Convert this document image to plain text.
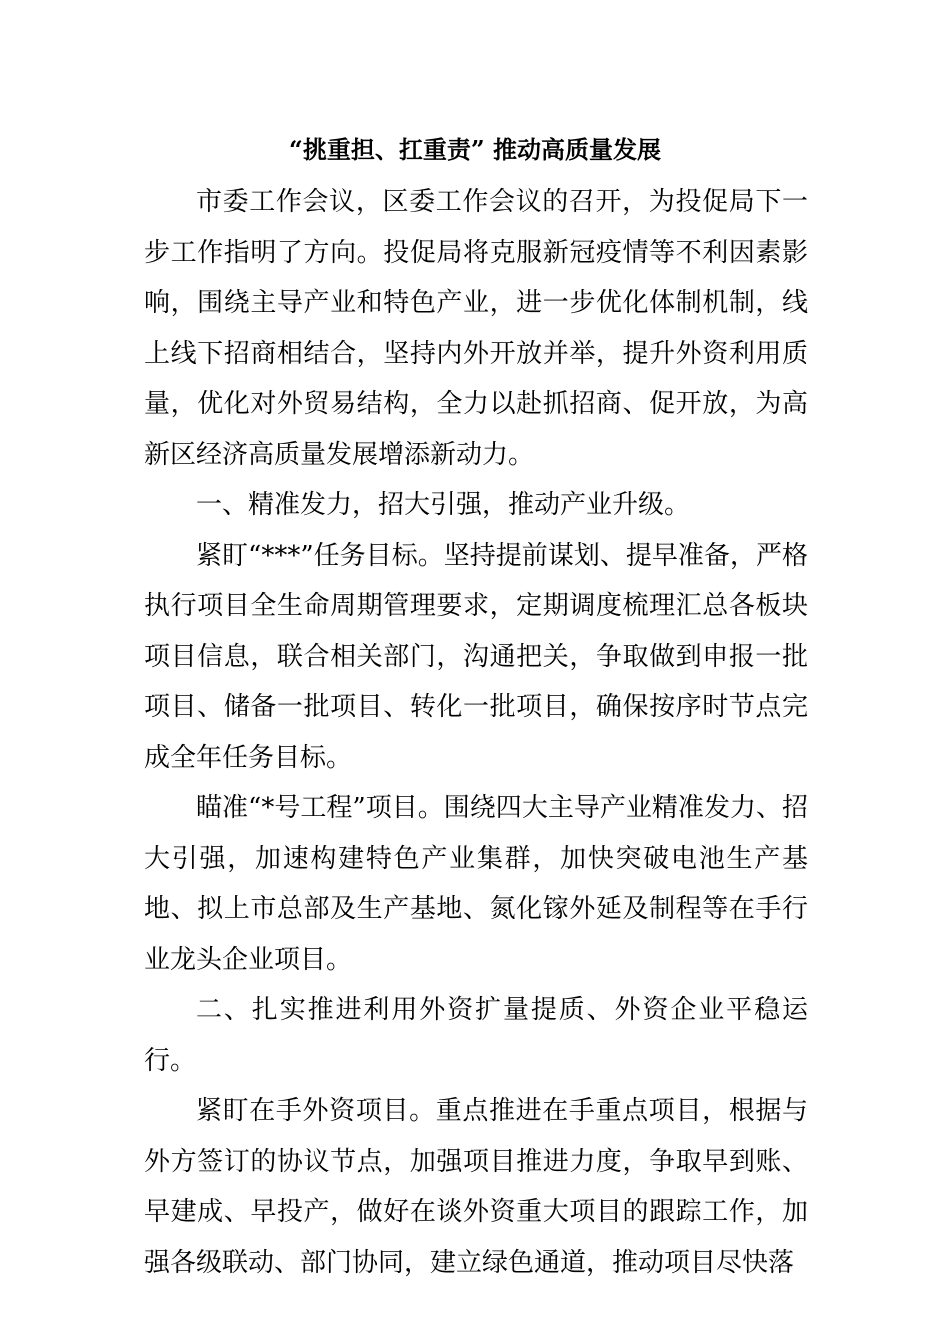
“挑重担、扛重责” 推动高质量发展

市委工作会议，区委工作会议的召开，为投促局下一步工作指明了方向。投促局将克服新冠疫情等不利因素影响，围绕主导产业和特色产业，进一步优化体制机制，线上线下招商相结合，坚持内外开放并举，提升外资利用质量，优化对外贸易结构，全力以赴抓招商、促开放，为高新区经济高质量发展增添新动力。

一、精准发力，招大引强，推动产业升级。

紧盯“***”任务目标。坚持提前谋划、提早准备，严格执行项目全生命周期管理要求，定期调度梳理汇总各板块项目信息，联合相关部门，沟通把关，争取做到申报一批项目、储备一批项目、转化一批项目，确保按序时节点完成全年任务目标。

瞄准“*号工程”项目。围绕四大主导产业精准发力、招大引强，加速构建特色产业集群，加快突破电池生产基地、拟上市总部及生产基地、氮化镓外延及制程等在手行业龙头企业项目。

二、扎实推进利用外资扩量提质、外资企业平稳运行。

紧盯在手外资项目。重点推进在手重点项目，根据与外方签订的协议节点，加强项目推进力度，争取早到账、早建成、早投产，做好在谈外资重大项目的跟踪工作，加强各级联动、部门协同，建立绿色通道，推动项目尽快落
